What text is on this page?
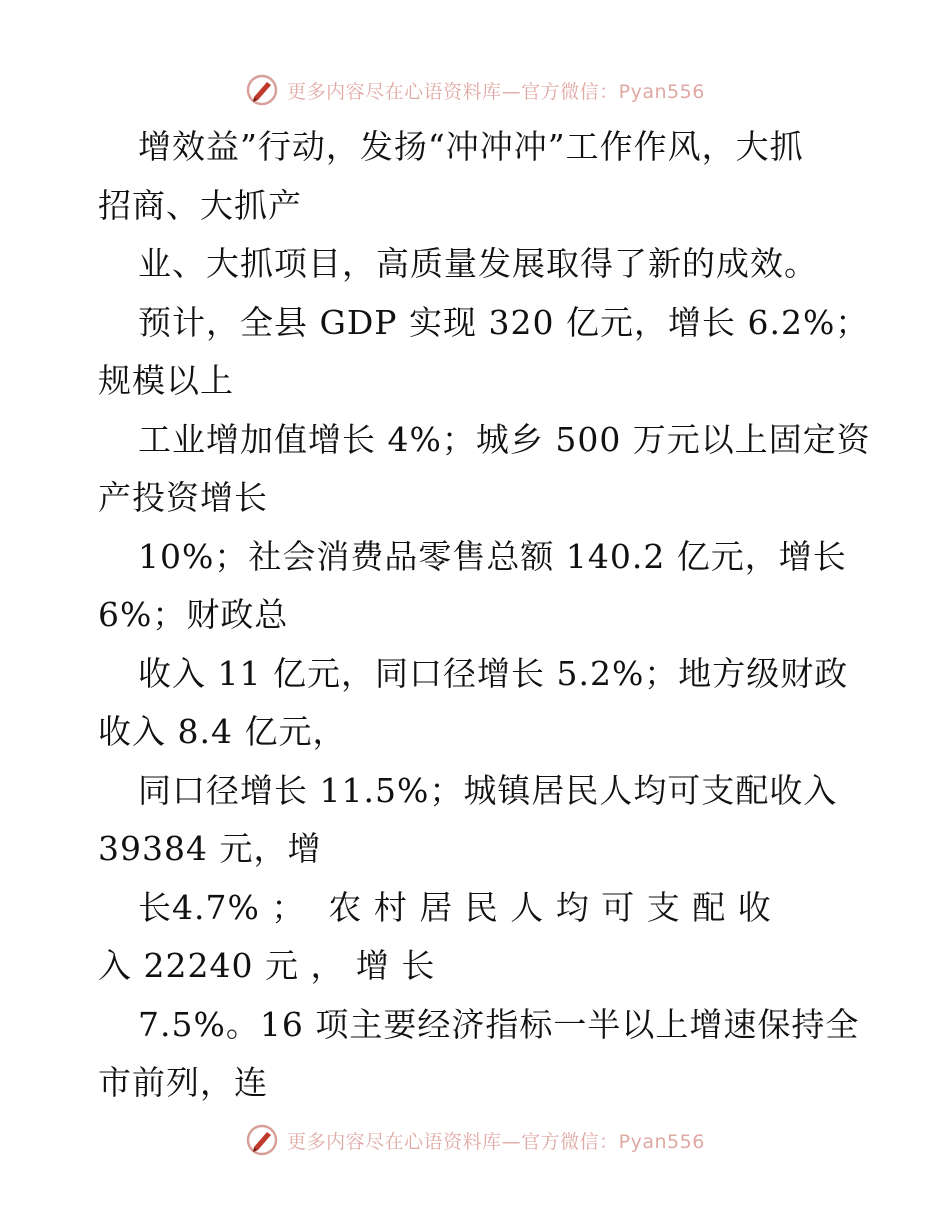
更多内容尽在心语资料库—官方微信：Pyan556
增效益”行动，发扬“冲冲冲”工作作风，大抓
招商、大抓产
业、大抓项目，高质量发展取得了新的成效。
预计，全县 GDP 实现 320 亿元，增长 6.2%；
规模以上
工业增加值增长 4%；城乡 500 万元以上固定资
产投资增长
10%；社会消费品零售总额 140.2 亿元，增长
6%；财政总
收入 11 亿元，同口径增长 5.2%；地方级财政
收入 8.4 亿元，
同口径增长 11.5%；城镇居民人均可支配收入
39384 元，增
长4.7% ；  农 村 居 民 人 均 可 支 配 收
入 22240 元 ， 增 长
7.5%。16 项主要经济指标一半以上增速保持全
市前列，连
更多内容尽在心语资料库—官方微信：Pyan556
